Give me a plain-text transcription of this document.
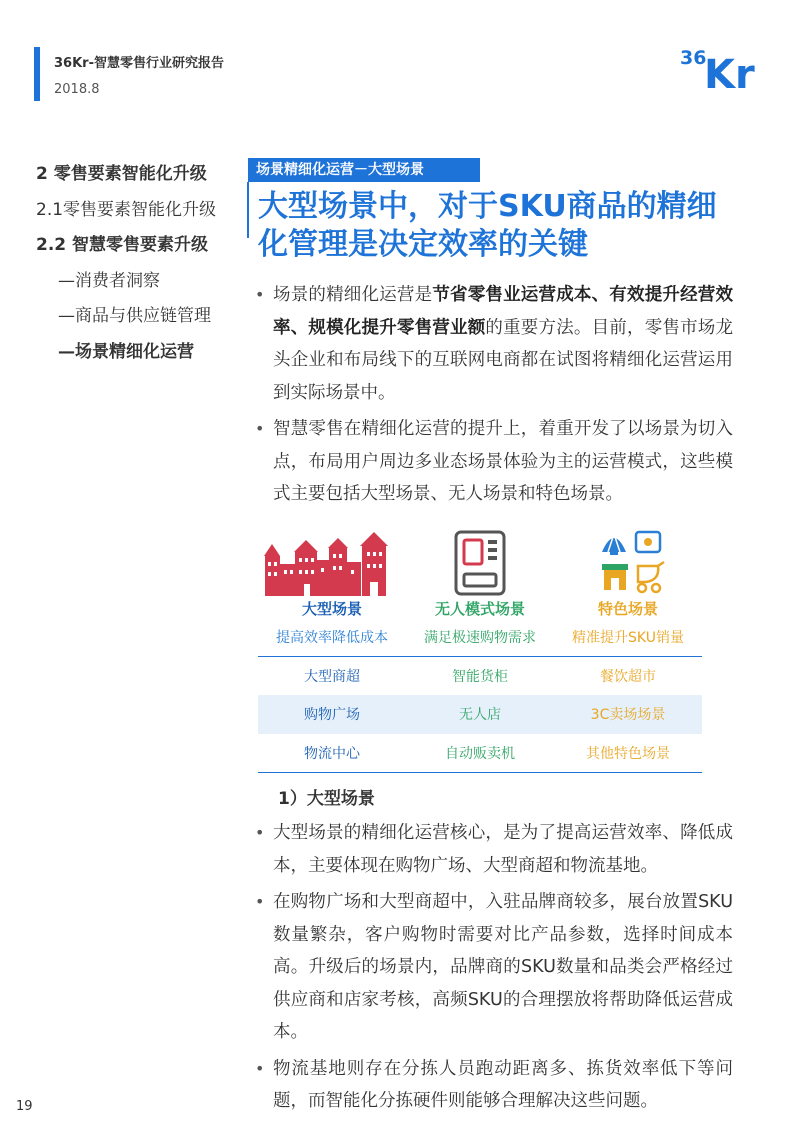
36Kr-智慧零售行业研究报告
2018.8
36
Kr
2 零售要素智能化升级
2.1零售要素智能化升级
2.2 智慧零售要素升级
—消费者洞察
—商品与供应链管理
—场景精细化运营
场景精细化运营－大型场景
大型场景中，对于SKU商品的精细化管理是决定效率的关键
• 场景的精细化运营是节省零售业运营成本、有效提升经营效率、规模化提升零售营业额的重要方法。目前，零售市场龙头企业和布局线下的互联网电商都在试图将精细化运营运用到实际场景中。
• 智慧零售在精细化运营的提升上，着重开发了以场景为切入点，布局用户周边多业态场景体验为主的运营模式，这些模式主要包括大型场景、无人场景和特色场景。
大型场景
提高效率降低成本
无人模式场景
满足极速购物需求
特色场景
精准提升SKU销量
大型商超	智能货柜	餐饮超市
购物广场	无人店	3C卖场场景
物流中心	自动贩卖机	其他特色场景
1）大型场景
• 大型场景的精细化运营核心，是为了提高运营效率、降低成本，主要体现在购物广场、大型商超和物流基地。
• 在购物广场和大型商超中，入驻品牌商较多，展台放置SKU数量繁杂，客户购物时需要对比产品参数，选择时间成本高。升级后的场景内，品牌商的SKU数量和品类会严格经过供应商和店家考核，高频SKU的合理摆放将帮助降低运营成本。
• 物流基地则存在分拣人员跑动距离多、拣货效率低下等问题，而智能化分拣硬件则能够合理解决这些问题。
19
